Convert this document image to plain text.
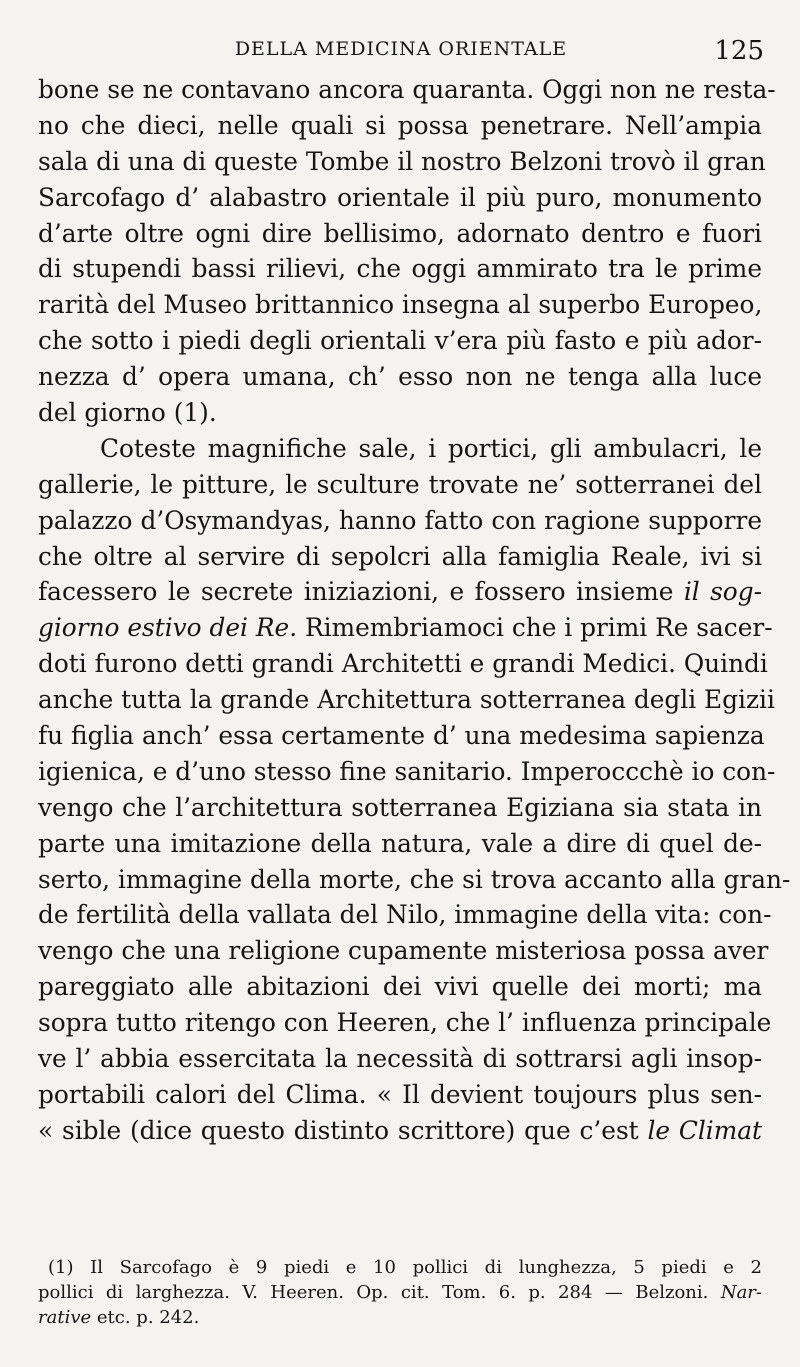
DELLA MEDICINA ORIENTALE	125
bone se ne contavano ancora quaranta. Oggi non ne resta-
no che dieci, nelle quali si possa penetrare. Nell’ampia
sala di una di queste Tombe il nostro Belzoni trovò il gran
Sarcofago d’ alabastro orientale il più puro, monumento
d’arte oltre ogni dire bellisimo, adornato dentro e fuori
di stupendi bassi rilievi, che oggi ammirato tra le prime
rarità del Museo brittannico insegna al superbo Europeo,
che sotto i piedi degli orientali v’era più fasto e più ador-
nezza d’ opera umana, ch’ esso non ne tenga alla luce
del giorno (1).
Coteste magnifiche sale, i portici, gli ambulacri, le
gallerie, le pitture, le sculture trovate ne’ sotterranei del
palazzo d’Osymandyas, hanno fatto con ragione supporre
che oltre al servire di sepolcri alla famiglia Reale, ivi si
facessero le secrete iniziazioni, e fossero insieme il sog-
giorno estivo dei Re. Rimembriamoci che i primi Re sacer-
doti furono detti grandi Architetti e grandi Medici. Quindi
anche tutta la grande Architettura sotterranea degli Egizii
fu figlia anch’ essa certamente d’ una medesima sapienza
igienica, e d’uno stesso fine sanitario. Imperoccchè io con-
vengo che l’architettura sotterranea Egiziana sia stata in
parte una imitazione della natura, vale a dire di quel de-
serto, immagine della morte, che si trova accanto alla gran-
de fertilità della vallata del Nilo, immagine della vita: con-
vengo che una religione cupamente misteriosa possa aver
pareggiato alle abitazioni dei vivi quelle dei morti; ma
sopra tutto ritengo con Heeren, che l’ influenza principale
ve l’ abbia essercitata la necessità di sottrarsi agli insop-
portabili calori del Clima. « Il devient toujours plus sen-
« sible (dice questo distinto scrittore) que c’est le Climat
(1) Il Sarcofago è 9 piedi e 10 pollici di lunghezza, 5 piedi e 2
pollici di larghezza. V. Heeren. Op. cit. Tom. 6. p. 284 — Belzoni. Nar-
rative etc. p. 242.
